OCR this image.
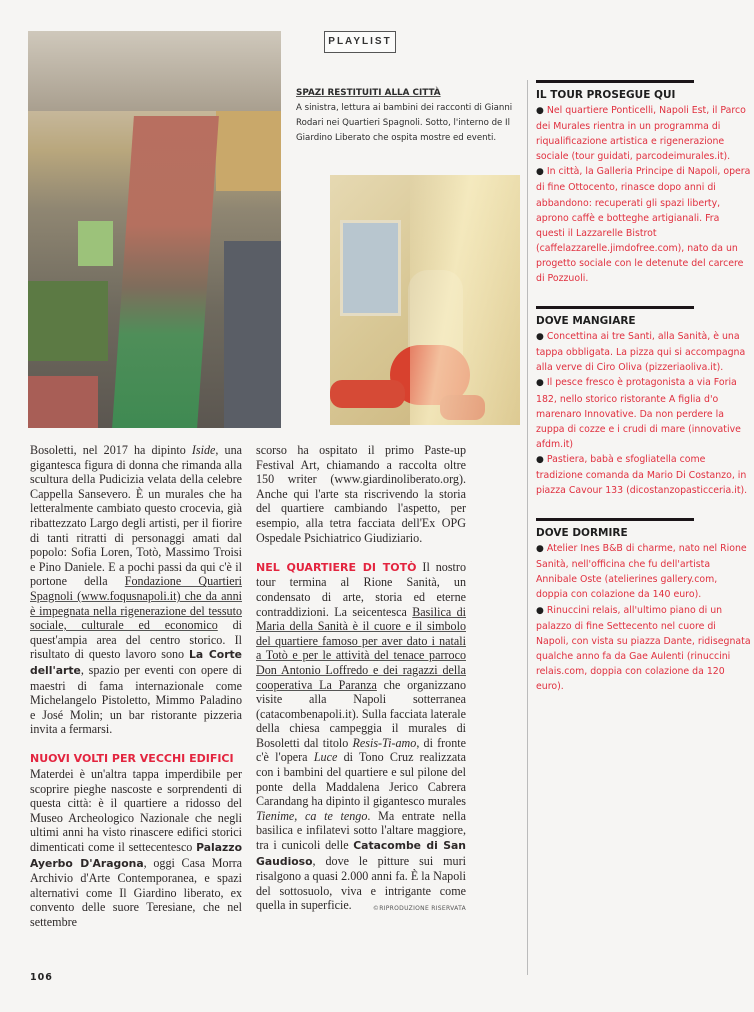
PLAYLIST
SPAZI RESTITUITI ALLA CITTÀ
A sinistra, lettura ai bambini dei racconti di Gianni Rodari nei Quartieri Spagnoli. Sotto, l'interno de Il Giardino Liberato che ospita mostre ed eventi.

Bosoletti, nel 2017 ha dipinto Iside, una gigantesca figura di donna che rimanda alla scultura della Pudicizia velata della celebre Cappella Sansevero. È un murales che ha letteralmente cambiato questo crocevia, già ribattezzato Largo degli artisti, per il fiorire di tanti ritratti di personaggi amati dal popolo: Sofia Loren, Totò, Massimo Troisi e Pino Daniele. E a pochi passi da qui c'è il portone della Fondazione Quartieri Spagnoli (www.foqusnapoli.it) che da anni è impegnata nella rigenerazione del tessuto sociale, culturale ed economico di quest'ampia area del centro storico. Il risultato di questo lavoro sono La Corte dell'arte, spazio per eventi con opere di maestri di fama internazionale come Michelangelo Pistoletto, Mimmo Paladino e José Molin; un bar ristorante pizzeria invita a fermarsi.

NUOVI VOLTI PER VECCHI EDIFICI
Materdei è un'altra tappa imperdibile per scoprire pieghe nascoste e sorprendenti di questa città: è il quartiere a ridosso del Museo Archeologico Nazionale che negli ultimi anni ha visto rinascere edifici storici dimenticati come il settecentesco Palazzo Ayerbo D'Aragona, oggi Casa Morra Archivio d'Arte Contemporanea, e spazi alternativi come Il Giardino liberato, ex convento delle suore Teresiane, che nel settembre

scorso ha ospitato il primo Paste-up Festival Art, chiamando a raccolta oltre 150 writer (www.giardinoliberato.org). Anche qui l'arte sta riscrivendo la storia del quartiere cambiando l'aspetto, per esempio, alla tetra facciata dell'Ex OPG Ospedale Psichiatrico Giudiziario.

NEL QUARTIERE DI TOTÒ Il nostro tour termina al Rione Sanità, un condensato di arte, storia ed eterne contraddizioni. La seicentesca Basilica di Maria della Sanità è il cuore e il simbolo del quartiere famoso per aver dato i natali a Totò e per le attività del tenace parroco Don Antonio Loffredo e dei ragazzi della cooperativa La Paranza che organizzano visite alla Napoli sotterranea (catacombenapoli.it). Sulla facciata laterale della chiesa campeggia il murales di Bosoletti dal titolo Resis-Ti-amo, di fronte c'è l'opera Luce di Tono Cruz realizzata con i bambini del quartiere e sul pilone del ponte della Maddalena Jerico Cabrera Carandang ha dipinto il gigantesco murales Tienime, ca te tengo. Ma entrate nella basilica e infilatevi sotto l'altare maggiore, tra i cunicoli delle Catacombe di San Gaudioso, dove le pitture sui muri risalgono a quasi 2.000 anni fa. È la Napoli del sottosuolo, viva e intrigante come quella in superficie.	©RIPRODUZIONE RISERVATA

IL TOUR PROSEGUE QUI
● Nel quartiere Ponticelli, Napoli Est, il Parco dei Murales rientra in un programma di riqualificazione artistica e rigenerazione sociale (tour guidati, parcodeimurales.it).
● In città, la Galleria Principe di Napoli, opera di fine Ottocento, rinasce dopo anni di abbandono: recuperati gli spazi liberty, aprono caffè e botteghe artigianali. Fra questi il Lazzarelle Bistrot (caffelazzarelle.jimdofree.com), nato da un progetto sociale con le detenute del carcere di Pozzuoli.
DOVE MANGIARE
● Concettina ai tre Santi, alla Sanità, è una tappa obbligata. La pizza qui si accompagna alla verve di Ciro Oliva (pizzeriaoliva.it).
● Il pesce fresco è protagonista a via Foria 182, nello storico ristorante A figlia d'o marenaro Innovative. Da non perdere la zuppa di cozze e i crudi di mare (innovative afdm.it)
● Pastiera, babà e sfogliatella come tradizione comanda da Mario Di Costanzo, in piazza Cavour 133 (dicostanzopasticceria.it).
DOVE DORMIRE
● Atelier Ines B&B di charme, nato nel Rione Sanità, nell'officina che fu dell'artista Annibale Oste (atelierines gallery.com, doppia con colazione da 140 euro).
● Rinuccini relais, all'ultimo piano di un palazzo di fine Settecento nel cuore di Napoli, con vista su piazza Dante, ridisegnata qualche anno fa da Gae Aulenti (rinuccini relais.com, doppia con colazione da 120 euro).
106
